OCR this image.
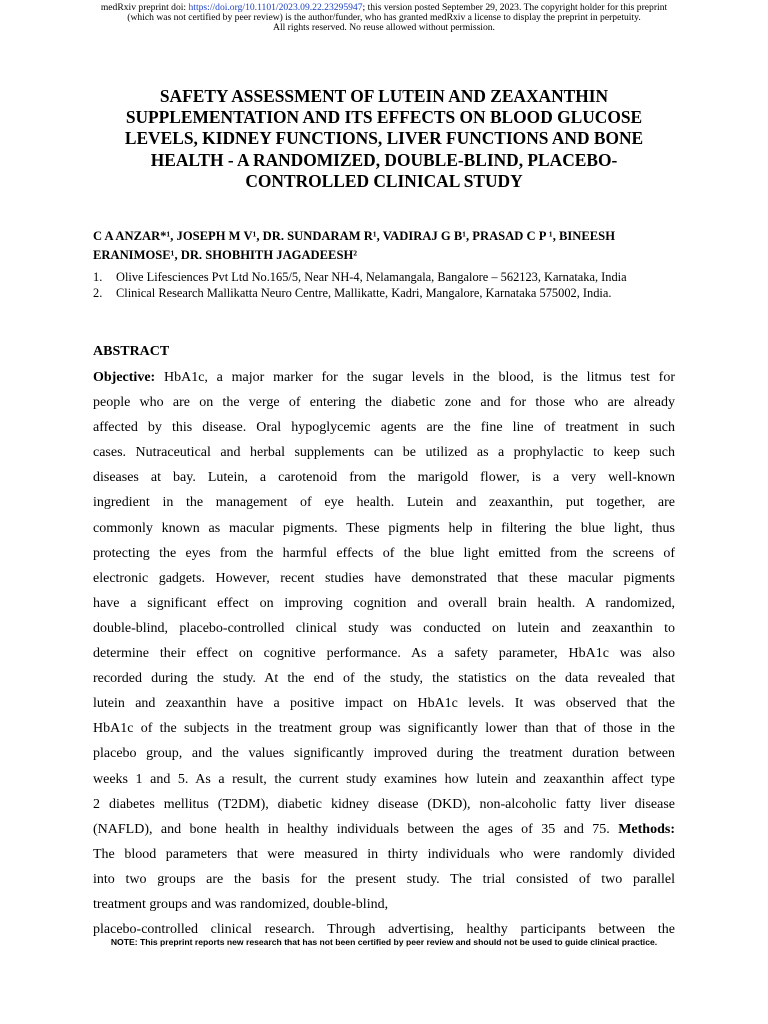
medRxiv preprint doi: https://doi.org/10.1101/2023.09.22.23295947; this version posted September 29, 2023. The copyright holder for this preprint
(which was not certified by peer review) is the author/funder, who has granted medRxiv a license to display the preprint in perpetuity.
All rights reserved. No reuse allowed without permission.
SAFETY ASSESSMENT OF LUTEIN AND ZEAXANTHIN
SUPPLEMENTATION AND ITS EFFECTS ON BLOOD GLUCOSE
LEVELS, KIDNEY FUNCTIONS, LIVER FUNCTIONS AND BONE
HEALTH - A RANDOMIZED, DOUBLE-BLIND, PLACEBO-
CONTROLLED CLINICAL STUDY
C A ANZAR*¹, JOSEPH M V¹, DR. SUNDARAM R¹, VADIRAJ G B¹, PRASAD C P ¹, BINEESH
ERANIMOSE¹, DR. SHOBHITH JAGADEESH²
1. Olive Lifesciences Pvt Ltd No.165/5, Near NH-4, Nelamangala, Bangalore – 562123, Karnataka, India
2. Clinical Research Mallikatta Neuro Centre, Mallikatte, Kadri, Mangalore, Karnataka 575002, India.
ABSTRACT
Objective: HbA1c, a major marker for the sugar levels in the blood, is the litmus test for
people who are on the verge of entering the diabetic zone and for those who are already
affected by this disease. Oral hypoglycemic agents are the fine line of treatment in such
cases. Nutraceutical and herbal supplements can be utilized as a prophylactic to keep such
diseases at bay. Lutein, a carotenoid from the marigold flower, is a very well-known
ingredient in the management of eye health. Lutein and zeaxanthin, put together, are
commonly known as macular pigments. These pigments help in filtering the blue light, thus
protecting the eyes from the harmful effects of the blue light emitted from the screens of
electronic gadgets. However, recent studies have demonstrated that these macular pigments
have a significant effect on improving cognition and overall brain health. A randomized,
double-blind, placebo-controlled clinical study was conducted on lutein and zeaxanthin to
determine their effect on cognitive performance. As a safety parameter, HbA1c was also
recorded during the study. At the end of the study, the statistics on the data revealed that
lutein and zeaxanthin have a positive impact on HbA1c levels. It was observed that the
HbA1c of the subjects in the treatment group was significantly lower than that of those in the
placebo group, and the values significantly improved during the treatment duration between
weeks 1 and 5. As a result, the current study examines how lutein and zeaxanthin affect type
2 diabetes mellitus (T2DM), diabetic kidney disease (DKD), non-alcoholic fatty liver disease
(NAFLD), and bone health in healthy individuals between the ages of 35 and 75. Methods:
The blood parameters that were measured in thirty individuals who were randomly divided
into two groups are the basis for the present study. The trial consisted of two parallel
treatment groups and was randomized, double-blind,
placebo-controlled clinical research. Through advertising, healthy participants between the
NOTE: This preprint reports new research that has not been certified by peer review and should not be used to guide clinical practice.
